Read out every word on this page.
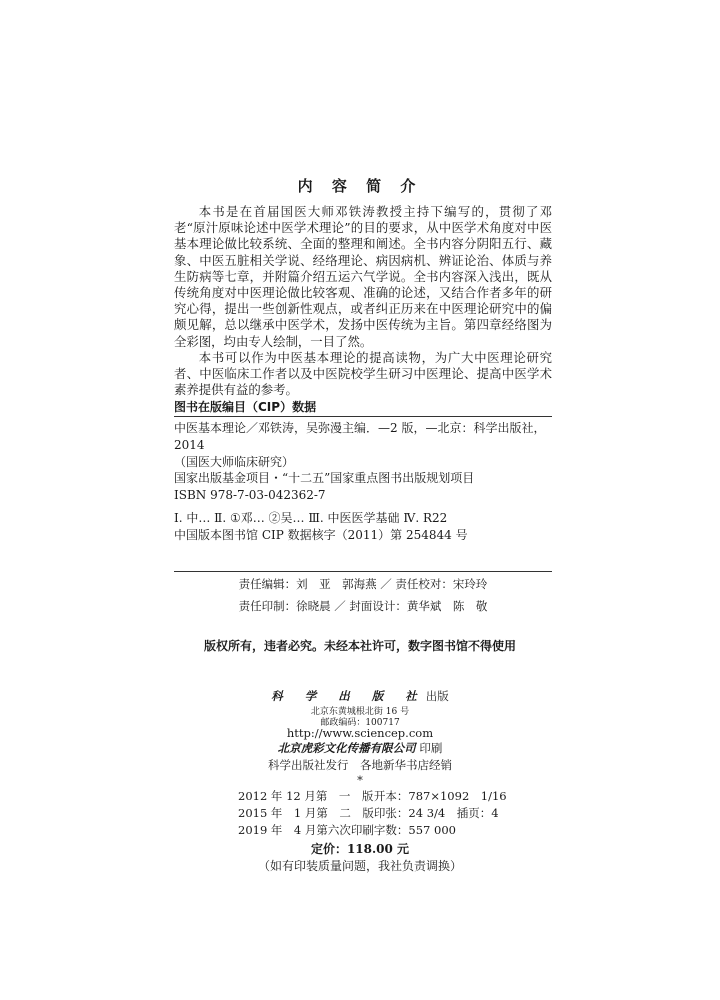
内 容 简 介

本书是在首届国医大师邓铁涛教授主持下编写的，贯彻了邓老“原汁原味论述中医学术理论”的目的要求，从中医学术角度对中医基本理论做比较系统、全面的整理和阐述。全书内容分阴阳五行、藏象、中医五脏相关学说、经络理论、病因病机、辨证论治、体质与养生防病等七章，并附篇介绍五运六气学说。全书内容深入浅出，既从传统角度对中医理论做比较客观、准确的论述，又结合作者多年的研究心得，提出一些创新性观点，或者纠正历来在中医理论研究中的偏颇见解，总以继承中医学术，发扬中医传统为主旨。第四章经络图为全彩图，均由专人绘制，一目了然。

本书可以作为中医基本理论的提高读物，为广大中医理论研究者、中医临床工作者以及中医院校学生研习中医理论、提高中医学术素养提供有益的参考。

图书在版编目（CIP）数据
中医基本理论／邓铁涛，吴弥漫主编．—2 版，—北京：科学出版社，
2014
（国医大师临床研究）
国家出版基金项目・“十二五”国家重点图书出版规划项目
ISBN 978-7-03-042362-7
Ⅰ. 中… Ⅱ. ①邓… ②吴… Ⅲ. 中医医学基础 Ⅳ. R22
中国版本图书馆 CIP 数据核字（2011）第 254844 号
责任编辑：刘　亚　郭海燕 ／ 责任校对：宋玲玲
责任印制：徐晓晨 ／ 封面设计：黄华斌　陈　敬
版权所有，违者必究。未经本社许可，数字图书馆不得使用
科 学 出 版 社出版
北京东黄城根北街 16 号
邮政编码：100717
http://www.sciencep.com
北京虎彩文化传播有限公司 印刷
科学出版社发行　各地新华书店经销
*
2012 年 12 月第　一　版	开本：787×1092　1/16
2015 年　1 月第　二　版	印张：24 3/4　插页：4
2019 年　4 月第六次印刷	字数：557 000
定价：118.00 元
（如有印装质量问题，我社负责调换）
